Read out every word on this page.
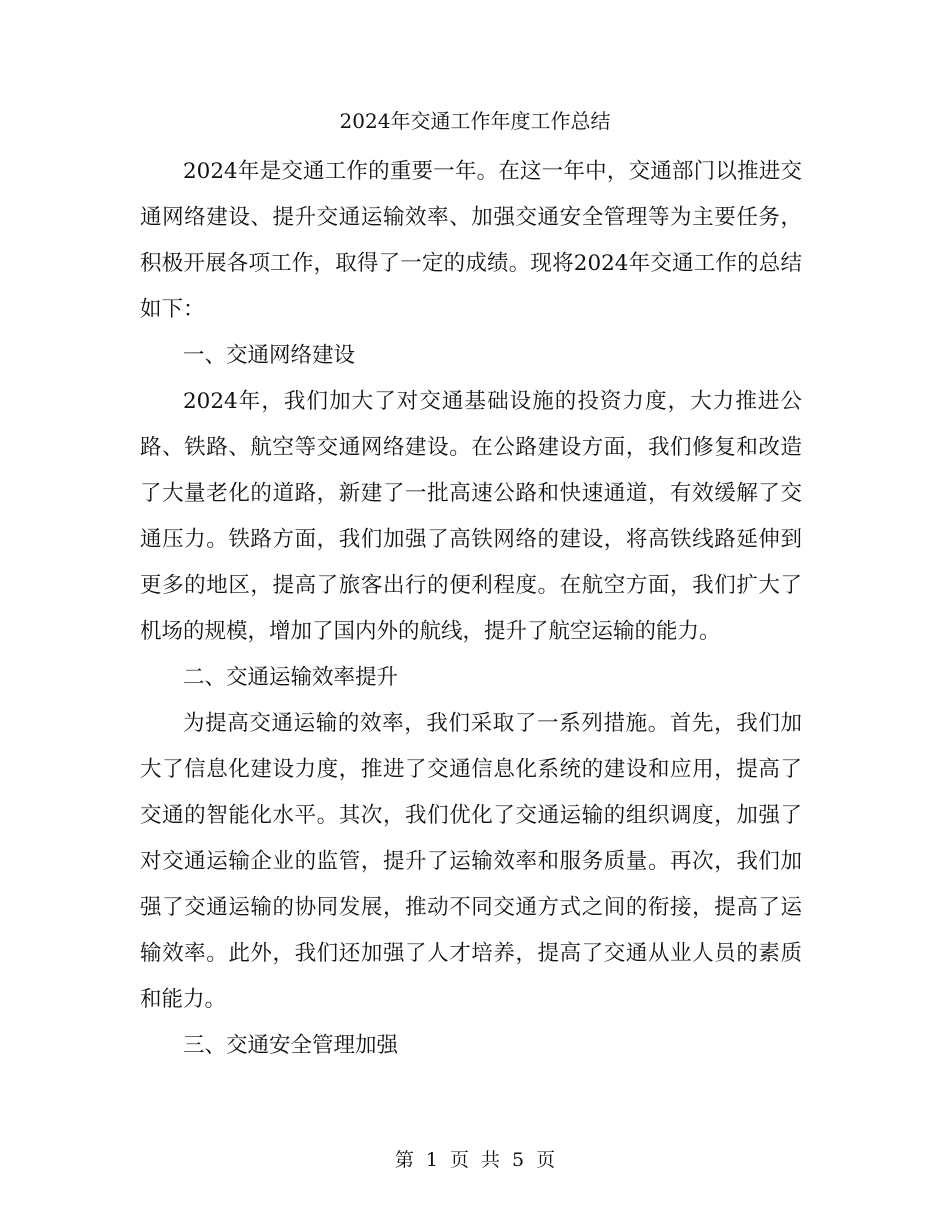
2024年交通工作年度工作总结

2024年是交通工作的重要一年。在这一年中，交通部门以推进交通网络建设、提升交通运输效率、加强交通安全管理等为主要任务，积极开展各项工作，取得了一定的成绩。现将2024年交通工作的总结如下：

一、交通网络建设

2024年，我们加大了对交通基础设施的投资力度，大力推进公路、铁路、航空等交通网络建设。在公路建设方面，我们修复和改造了大量老化的道路，新建了一批高速公路和快速通道，有效缓解了交通压力。铁路方面，我们加强了高铁网络的建设，将高铁线路延伸到更多的地区，提高了旅客出行的便利程度。在航空方面，我们扩大了机场的规模，增加了国内外的航线，提升了航空运输的能力。

二、交通运输效率提升

为提高交通运输的效率，我们采取了一系列措施。首先，我们加大了信息化建设力度，推进了交通信息化系统的建设和应用，提高了交通的智能化水平。其次，我们优化了交通运输的组织调度，加强了对交通运输企业的监管，提升了运输效率和服务质量。再次，我们加强了交通运输的协同发展，推动不同交通方式之间的衔接，提高了运输效率。此外，我们还加强了人才培养，提高了交通从业人员的素质和能力。

三、交通安全管理加强

第 1 页 共 5 页
